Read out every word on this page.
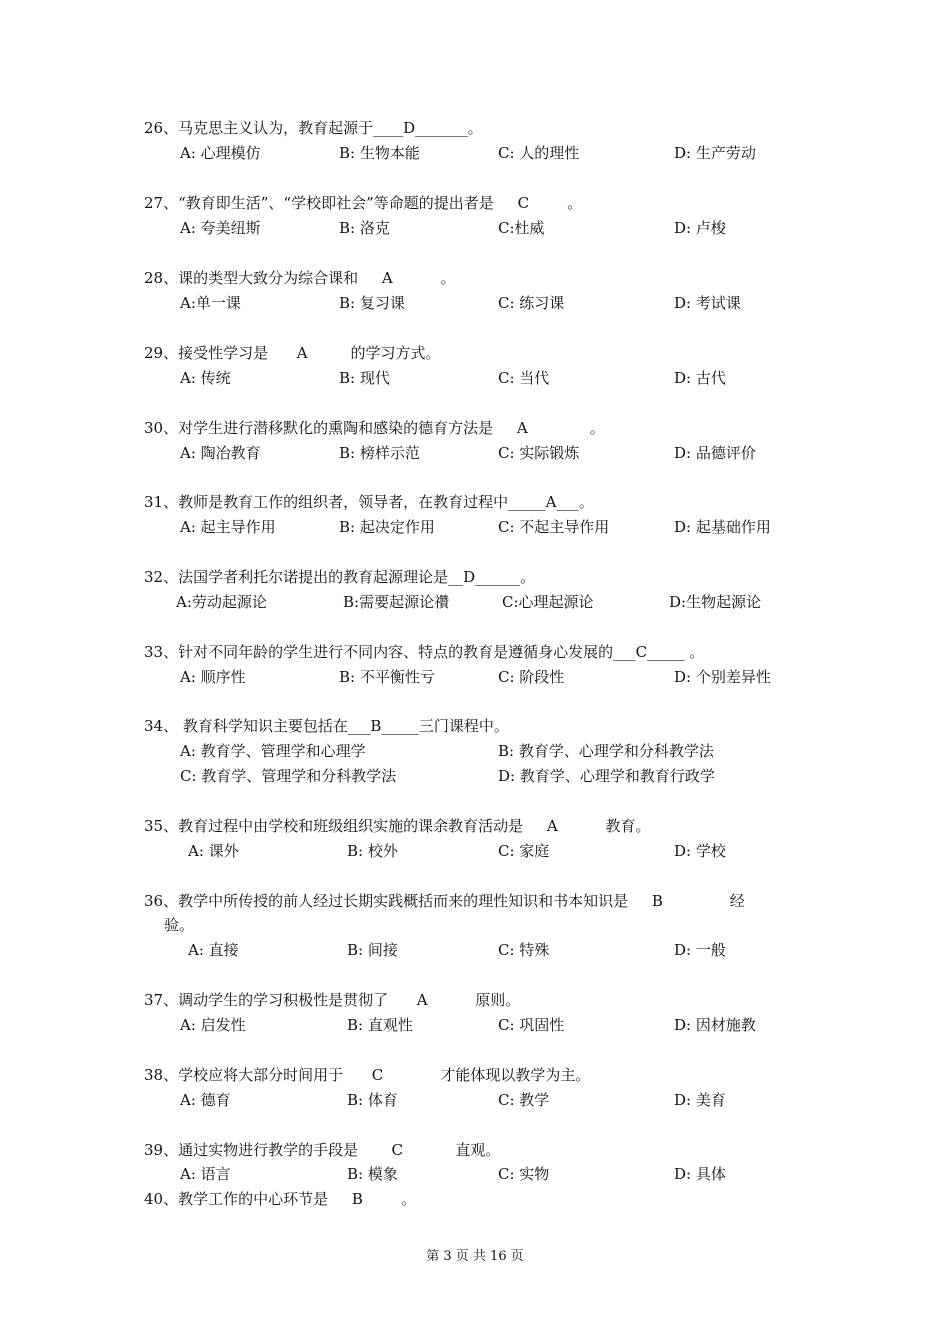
26、马克思主义认为，教育起源于____D_______。
A: 心理模仿	B: 生物本能	C: 人的理性	D: 生产劳动
27、“教育即生活”、“学校即社会”等命题的提出者是     C        。
A: 夸美纽斯	B: 洛克	C:杜威	D: 卢梭
28、课的类型大致分为综合课和     A          。
A:单一课	B: 复习课	C: 练习课	D: 考试课
29、接受性学习是      A         的学习方式。
A: 传统	B: 现代	C: 当代	D: 古代
30、对学生进行潜移默化的熏陶和感染的德育方法是     A             。
A: 陶冶教育	B: 榜样示范	C: 实际锻炼	D: 品德评价
31、教师是教育工作的组织者，领导者，在教育过程中_____A___。
A: 起主导作用	B: 起决定作用	C: 不起主导作用	D: 起基础作用
32、法国学者利托尔诺提出的教育起源理论是__D______。
A:劳动起源论	B:需要起源论禶	C:心理起源论	D:生物起源论
33、针对不同年龄的学生进行不同内容、特点的教育是遵循身心发展的___C_____ 。
A: 顺序性	B: 不平衡性亏	C: 阶段性	D: 个别差异性
34、 教育科学知识主要包括在___B_____三门课程中。
A: 教育学、管理学和心理学	B: 教育学、心理学和分科教学法
C: 教育学、管理学和分科教学法	D: 教育学、心理学和教育行政学
35、教育过程中由学校和班级组织实施的课余教育活动是     A          教育。
A: 课外	B: 校外	C: 家庭	D: 学校
36、教学中所传授的前人经过长期实践概括而来的理性知识和书本知识是     B              经
验。
A: 直接	B: 间接	C: 特殊	D: 一般
37、调动学生的学习积极性是贯彻了      A          原则。
A: 启发性	B: 直观性	C: 巩固性	D: 因材施教
38、学校应将大部分时间用于      C            才能体现以教学为主。
A: 德育	B: 体育	C: 教学	D: 美育
39、通过实物进行教学的手段是       C           直观。
A: 语言	B: 模象	C: 实物	D: 具体
40、教学工作的中心环节是     B        。
第 3 页 共 16 页
